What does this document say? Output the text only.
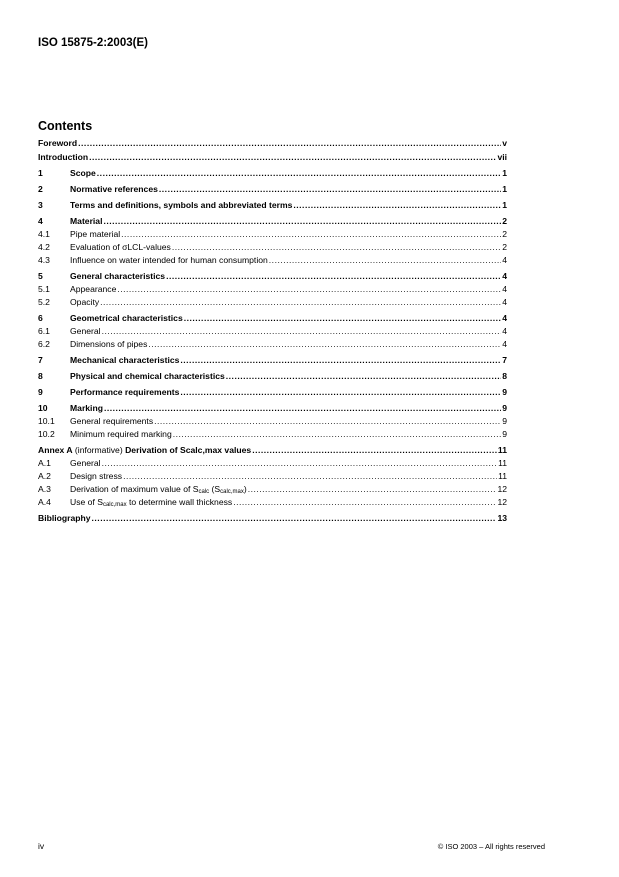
ISO 15875-2:2003(E)
Contents
Foreword .....	v
Introduction .....	vii
1	Scope .....	1
2	Normative references .....	1
3	Terms and definitions, symbols and abbreviated terms .....	1
4	Material .....	2
4.1	Pipe material .....	2
4.2	Evaluation of σLCL-values .....	2
4.3	Influence on water intended for human consumption .....	4
5	General characteristics .....	4
5.1	Appearance .....	4
5.2	Opacity .....	4
6	Geometrical characteristics .....	4
6.1	General .....	4
6.2	Dimensions of pipes .....	4
7	Mechanical characteristics .....	7
8	Physical and chemical characteristics .....	8
9	Performance requirements .....	9
10	Marking .....	9
10.1	General requirements .....	9
10.2	Minimum required marking .....	9
Annex A (informative) Derivation of Scalc,max values .....	11
A.1	General .....	11
A.2	Design stress .....	11
A.3	Derivation of maximum value of $S_{calc}$ $(S_{calc,max})$ .....	12
A.4	Use of $S_{calc,max}$ to determine wall thickness .....	12
Bibliography .....	13
iv	© ISO 2003 – All rights reserved
